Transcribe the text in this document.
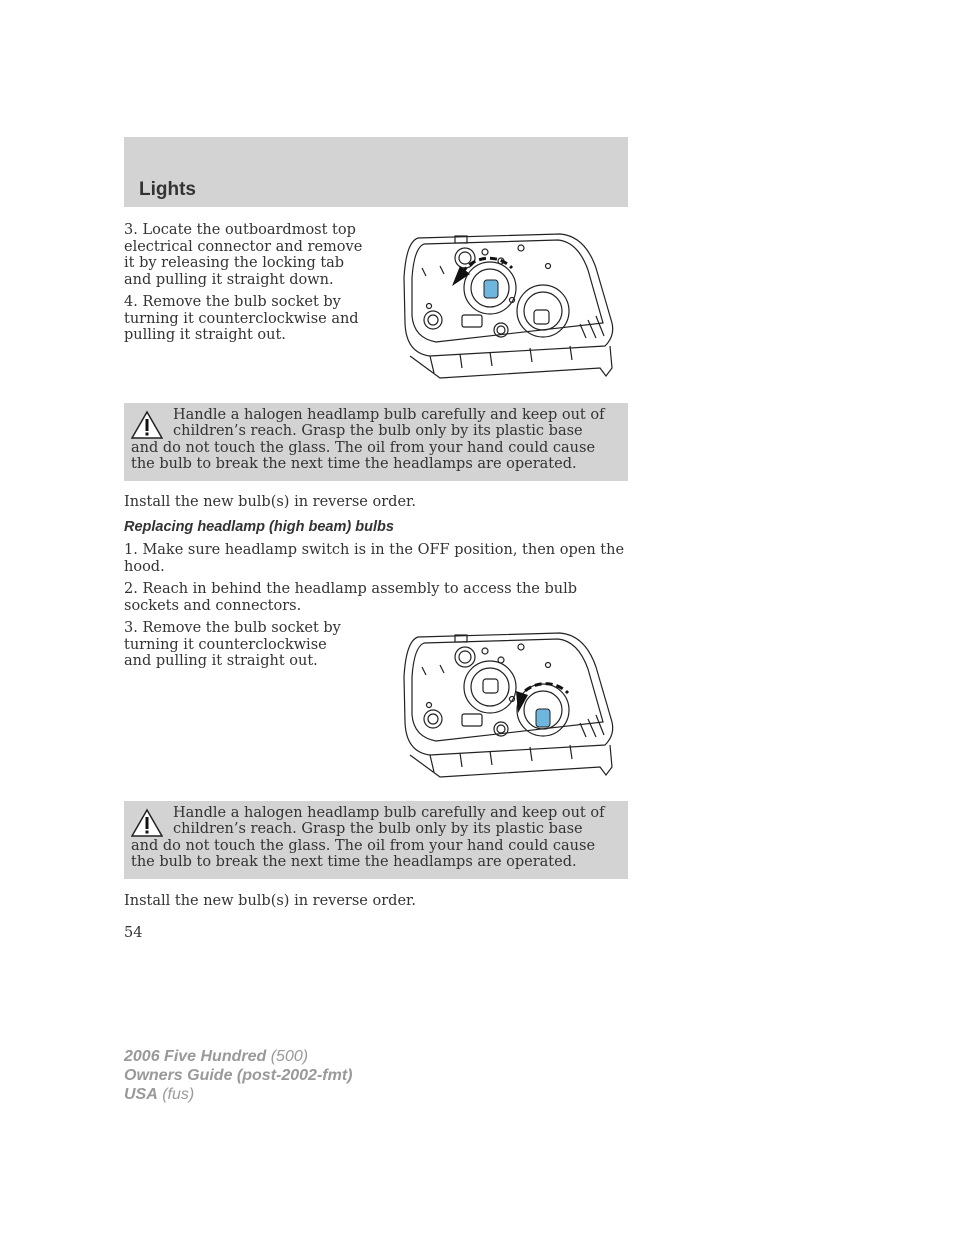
Lights

3. Locate the outboardmost top electrical connector and remove it by releasing the locking tab and pulling it straight down.

4. Remove the bulb socket by turning it counterclockwise and pulling it straight out.

Handle a halogen headlamp bulb carefully and keep out of children’s reach. Grasp the bulb only by its plastic base and do not touch the glass. The oil from your hand could cause the bulb to break the next time the headlamps are operated.
Install the new bulb(s) in reverse order.
Replacing headlamp (high beam) bulbs

1. Make sure headlamp switch is in the OFF position, then open the hood.

2. Reach in behind the headlamp assembly to access the bulb sockets and connectors.

3. Remove the bulb socket by turning it counterclockwise and pulling it straight out.

Handle a halogen headlamp bulb carefully and keep out of children’s reach. Grasp the bulb only by its plastic base and do not touch the glass. The oil from your hand could cause the bulb to break the next time the headlamps are operated.
Install the new bulb(s) in reverse order.
54
2006 Five Hundred (500)
Owners Guide (post-2002-fmt)
USA (fus)
